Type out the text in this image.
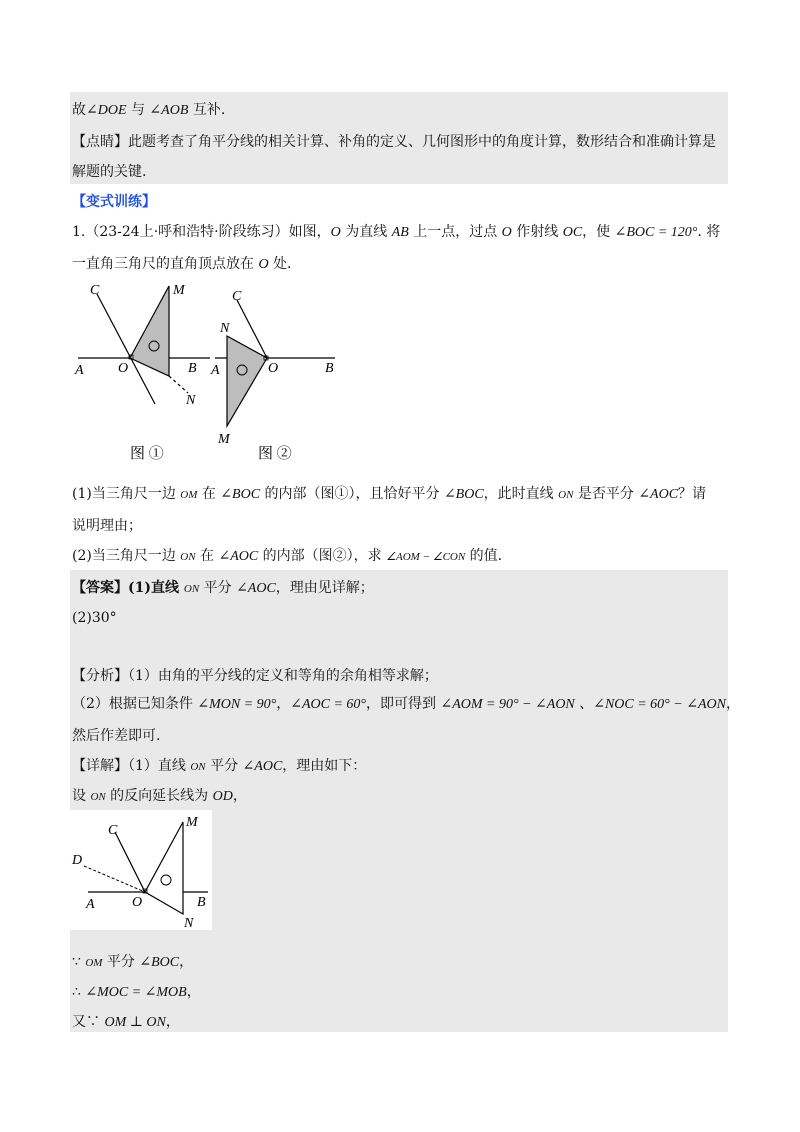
故∠DOE 与 ∠AOB 互补.
【点睛】此题考查了角平分线的相关计算、补角的定义、几何图形中的角度计算，数形结合和准确计算是
解题的关键.
【变式训练】
1.（23-24上·呼和浩特·阶段练习）如图，O 为直线 AB 上一点，过点 O 作射线 OC，使 ∠BOC = 120°. 将
一直角三角尺的直角顶点放在 O 处.
C	M
A O	B
N
图 ①
C
N
A	O	B
M
图 ②
(1)当三角尺一边 OM 在 ∠BOC 的内部（图①），且恰好平分 ∠BOC，此时直线 ON 是否平分 ∠AOC？请
说明理由；
(2)当三角尺一边 ON 在 ∠AOC 的内部（图②），求 ∠AOM − ∠CON 的值.
【答案】(1)直线 ON 平分 ∠AOC，理由见详解；
(2)30°
【分析】（1）由角的平分线的定义和等角的余角相等求解；
（2）根据已知条件 ∠MON = 90°，∠AOC = 60°，即可得到 ∠AOM = 90° − ∠AON 、∠NOC = 60° − ∠AON，
然后作差即可.
【详解】（1）直线 ON 平分 ∠AOC，理由如下：
设 ON 的反向延长线为 OD，
C
M
D
A	O	B
N
∵ OM 平分 ∠BOC，
∴ ∠MOC = ∠MOB，
又∵ OM ⊥ ON，
